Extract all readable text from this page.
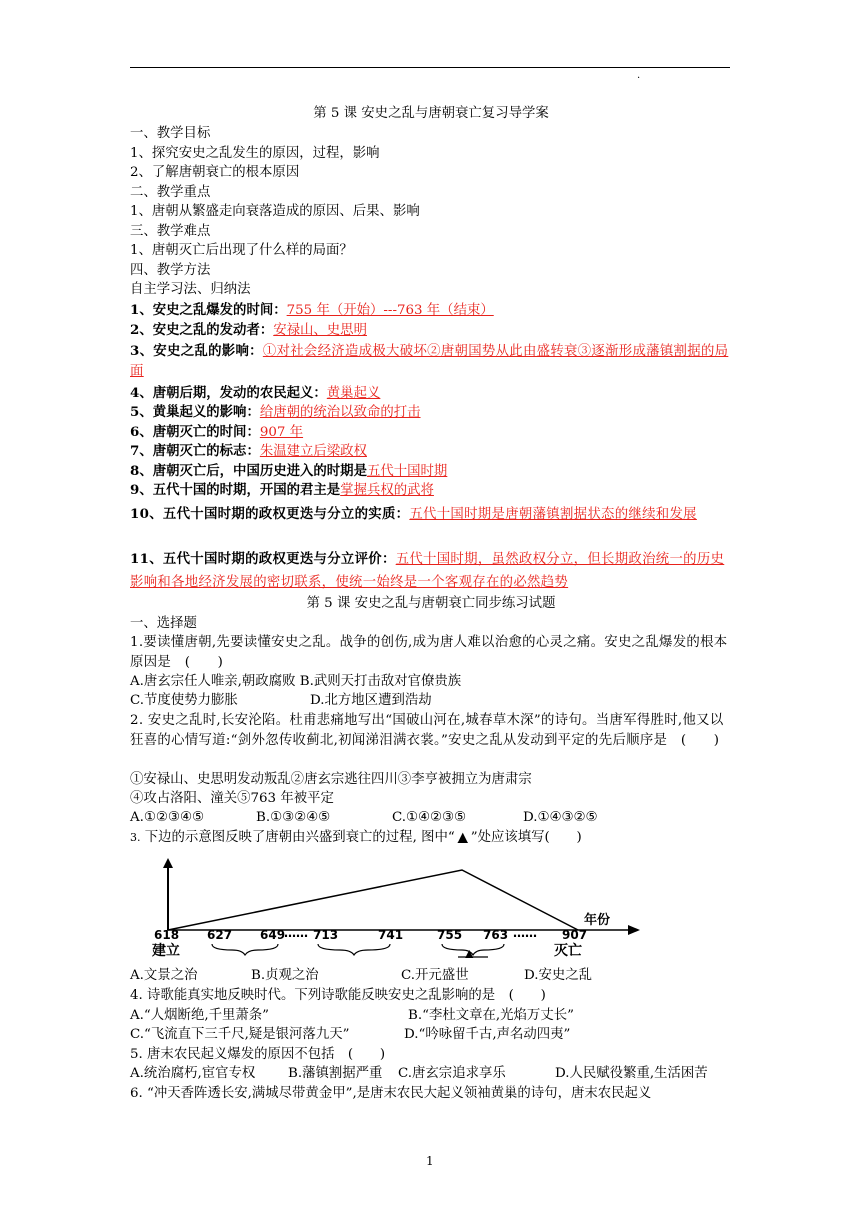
.
第 5 课 安史之乱与唐朝衰亡复习导学案
一、教学目标
1、探究安史之乱发生的原因，过程，影响
2、了解唐朝衰亡的根本原因
二、教学重点
1、唐朝从繁盛走向衰落造成的原因、后果、影响
三、教学难点
1、唐朝灭亡后出现了什么样的局面？
四、教学方法
自主学习法、归纳法
1、安史之乱爆发的时间：755 年（开始）---763 年（结束）
2、安史之乱的发动者：安禄山、史思明
3、安史之乱的影响：①对社会经济造成极大破坏②唐朝国势从此由盛转衰③逐渐形成藩镇割据的局面
4、唐朝后期，发动的农民起义：黄巢起义
5、黄巢起义的影响：给唐朝的统治以致命的打击
6、唐朝灭亡的时间：907 年
7、唐朝灭亡的标志：朱温建立后梁政权
8、唐朝灭亡后，中国历史进入的时期是五代十国时期
9、五代十国的时期，开国的君主是掌握兵权的武将
10、五代十国时期的政权更迭与分立的实质：五代十国时期是唐朝藩镇割据状态的继续和发展
11、五代十国时期的政权更迭与分立评价：五代十国时期，虽然政权分立，但长期政治统一的历史影响和各地经济发展的密切联系，使统一始终是一个客观存在的必然趋势
第 5 课 安史之乱与唐朝衰亡同步练习试题
一、选择题
1.要读懂唐朝,先要读懂安史之乱。战争的创伤,成为唐人难以治愈的心灵之痛。安史之乱爆发的根本原因是　(　　)
A.唐玄宗任人唯亲,朝政腐败 B.武则天打击敌对官僚贵族
C.节度使势力膨胀	D.北方地区遭到浩劫
2. 安史之乱时,长安沦陷。杜甫悲痛地写出“国破山河在,城春草木深”的诗句。当唐军得胜时,他又以狂喜的心情写道:“剑外忽传收蓟北,初闻涕泪满衣裳。”安史之乱从发动到平定的先后顺序是　(　　)
①安禄山、史思明发动叛乱②唐玄宗逃往四川③李亨被拥立为唐肃宗
④攻占洛阳、潼关⑤763 年被平定
A.①②③④⑤	B.①③②④⑤	C.①④②③⑤	D.①④③②⑤
3. 下边的示意图反映了唐朝由兴盛到衰亡的过程, 图中“ ▲ ”处应该填写(　　)
618 627 649 713	741	755 763	907
……	……
年份
建立	灭亡
▲
A.文景之治	B.贞观之治	C.开元盛世	D.安史之乱
4. 诗歌能真实地反映时代。下列诗歌能反映安史之乱影响的是　(　　)
A.“人烟断绝,千里萧条”	B.“李杜文章在,光焰万丈长”
C.“飞流直下三千尺,疑是银河落九天”	D.“吟咏留千古,声名动四夷”
5. 唐末农民起义爆发的原因不包括　(　　)
A.统治腐朽,宦官专权	B.藩镇割据严重	C.唐玄宗追求享乐	D.人民赋役繁重,生活困苦
6. “冲天香阵透长安,满城尽带黄金甲”,是唐末农民大起义领袖黄巢的诗句，唐末农民起义
1
